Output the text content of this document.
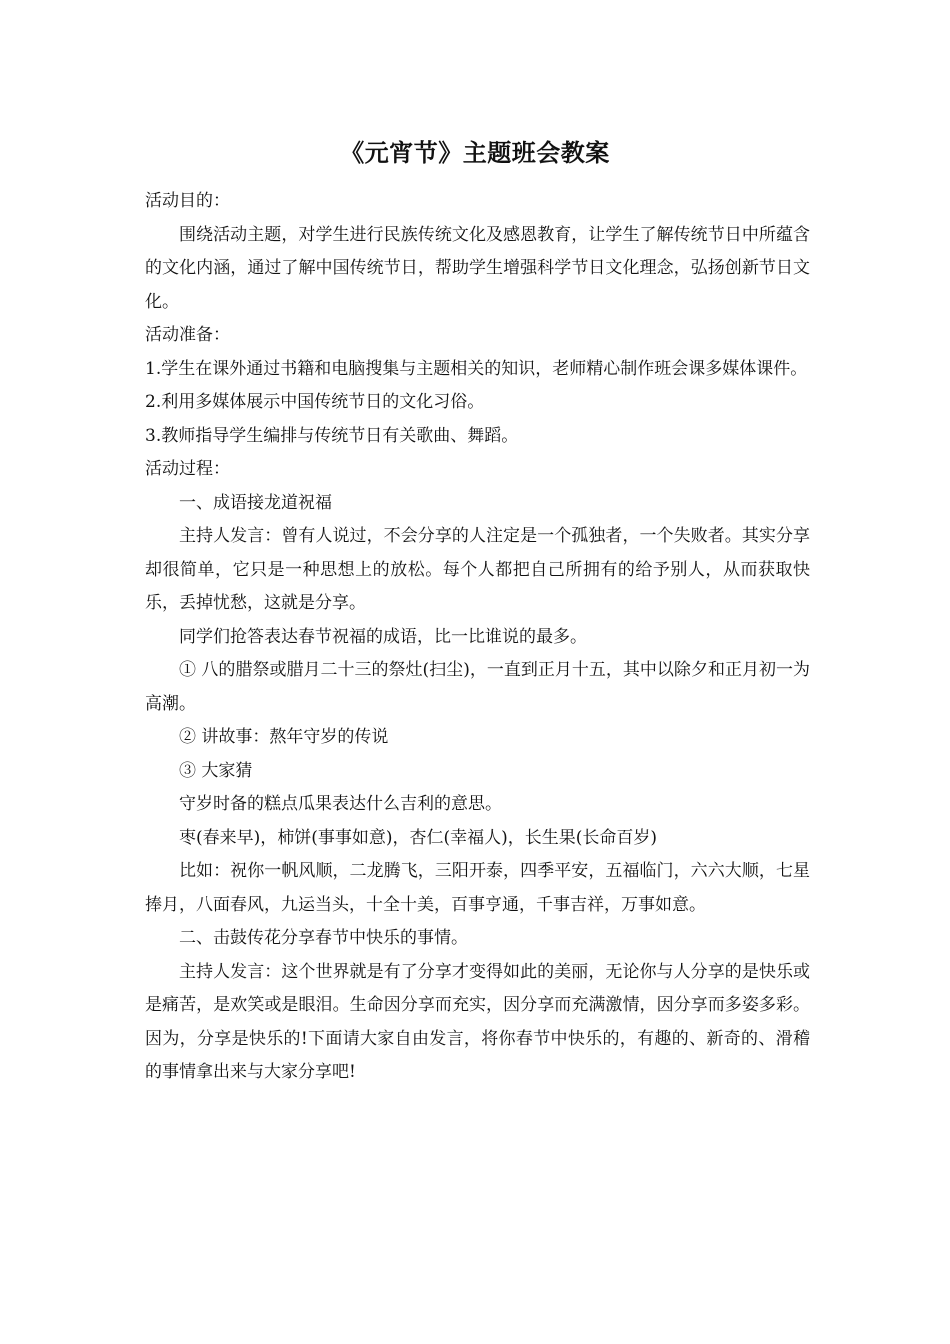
《元宵节》主题班会教案

活动目的：

围绕活动主题，对学生进行民族传统文化及感恩教育，让学生了解传统节日中所蕴含的文化内涵，通过了解中国传统节日，帮助学生增强科学节日文化理念，弘扬创新节日文化。

活动准备：

1.学生在课外通过书籍和电脑搜集与主题相关的知识，老师精心制作班会课多媒体课件。

2.利用多媒体展示中国传统节日的文化习俗。

3.教师指导学生编排与传统节日有关歌曲、舞蹈。

活动过程：

一、成语接龙道祝福

主持人发言：曾有人说过，不会分享的人注定是一个孤独者，一个失败者。其实分享却很简单，它只是一种思想上的放松。每个人都把自己所拥有的给予别人，从而获取快乐，丢掉忧愁，这就是分享。

同学们抢答表达春节祝福的成语，比一比谁说的最多。

① 八的腊祭或腊月二十三的祭灶(扫尘)，一直到正月十五，其中以除夕和正月初一为高潮。

② 讲故事：熬年守岁的传说

③ 大家猜

守岁时备的糕点瓜果表达什么吉利的意思。

枣(春来早)，柿饼(事事如意)，杏仁(幸福人)，长生果(长命百岁)

比如：祝你一帆风顺，二龙腾飞，三阳开泰，四季平安，五福临门，六六大顺，七星捧月，八面春风，九运当头，十全十美，百事亨通，千事吉祥，万事如意。

二、击鼓传花分享春节中快乐的事情。

主持人发言：这个世界就是有了分享才变得如此的美丽，无论你与人分享的是快乐或是痛苦，是欢笑或是眼泪。生命因分享而充实，因分享而充满激情，因分享而多姿多彩。因为，分享是快乐的!下面请大家自由发言，将你春节中快乐的，有趣的、新奇的、滑稽的事情拿出来与大家分享吧!
